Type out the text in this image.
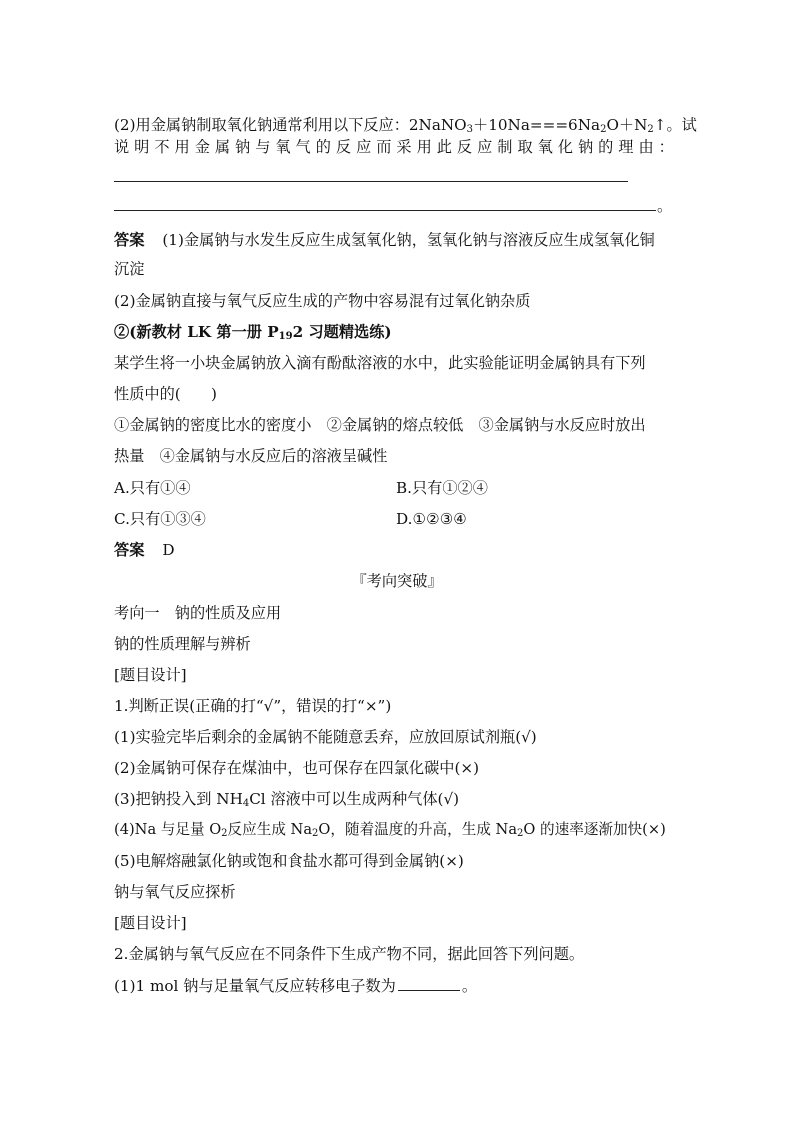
(2)用金属钠制取氧化钠通常利用以下反应：$2NaNO_3+10Na===6Na_2O+N_2↑$。试
说 明 不 用 金 属 钠 与 氧 气 的 反 应 而 采 用 此 反 应 制 取 氧 化 钠 的 理 由 ：
。
答案 (1)金属钠与水发生反应生成氢氧化钠，氢氧化钠与溶液反应生成氢氧化铜
沉淀
(2)金属钠直接与氧气反应生成的产物中容易混有过氧化钠杂质
②(新教材 LK 第一册 $P_{19}2$ 习题精选练)
某学生将一小块金属钠放入滴有酚酞溶液的水中，此实验能证明金属钠具有下列
性质中的(　　)
①金属钠的密度比水的密度小　②金属钠的熔点较低　③金属钠与水反应时放出
热量　④金属钠与水反应后的溶液呈碱性
A.只有①④	B.只有①②④
C.只有①③④	D.①②③④
答案 D
『考向突破』
考向一　钠的性质及应用
钠的性质理解与辨析
[题目设计]
1.判断正误(正确的打“√”，错误的打“×”)
(1)实验完毕后剩余的金属钠不能随意丢弃，应放回原试剂瓶(√)
(2)金属钠可保存在煤油中，也可保存在四氯化碳中(×)
(3)把钠投入到 $NH_4Cl$ 溶液中可以生成两种气体(√)
(4)Na 与足量 $O_2$反应生成 $Na_2O$，随着温度的升高，生成 $Na_2O$ 的速率逐渐加快(×)
(5)电解熔融氯化钠或饱和食盐水都可得到金属钠(×)
钠与氧气反应探析
[题目设计]
2.金属钠与氧气反应在不同条件下生成产物不同，据此回答下列问题。
(1)1 mol 钠与足量氧气反应转移电子数为	。
